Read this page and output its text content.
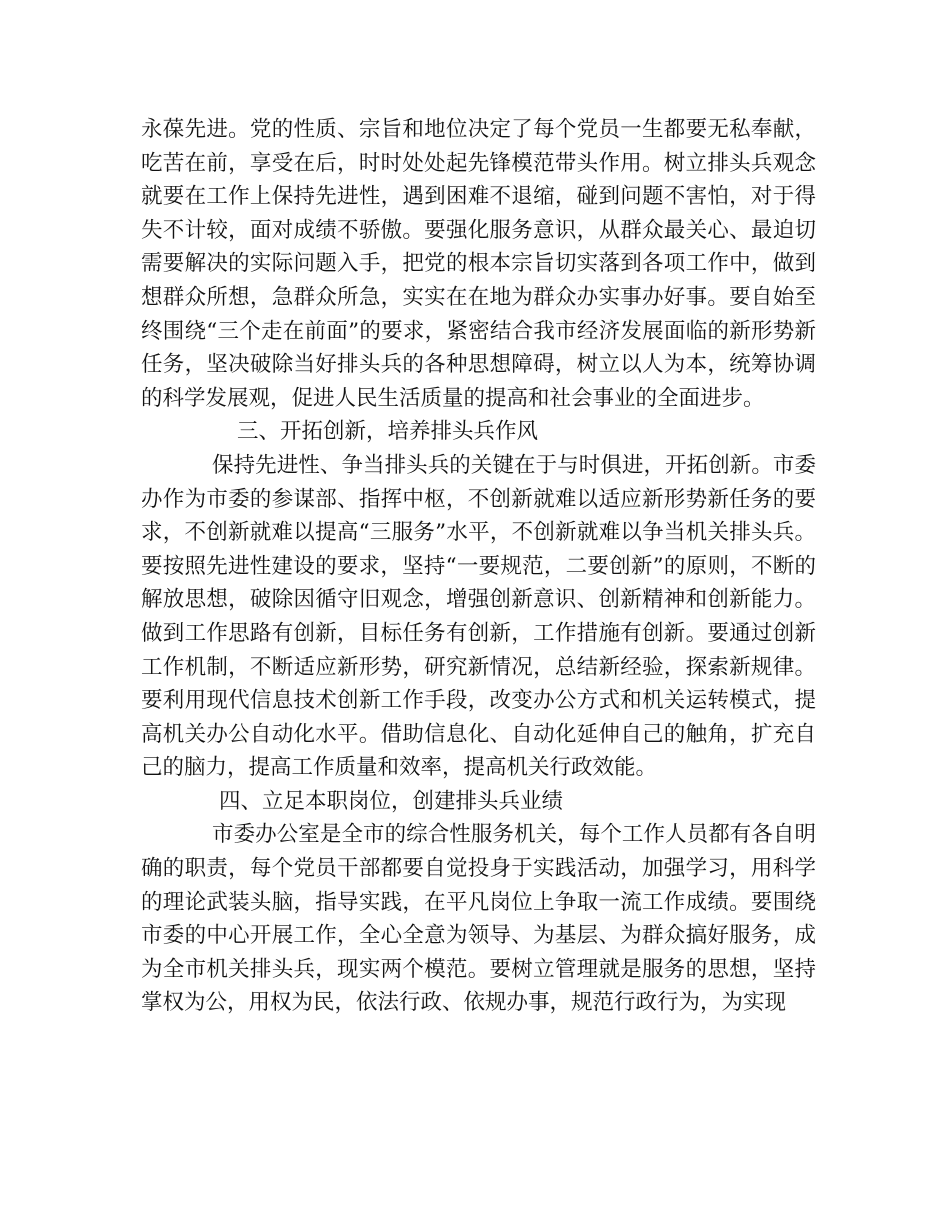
永葆先进。党的性质、宗旨和地位决定了每个党员一生都要无私奉献，吃苦在前，享受在后，时时处处起先锋模范带头作用。树立排头兵观念就要在工作上保持先进性，遇到困难不退缩，碰到问题不害怕，对于得失不计较，面对成绩不骄傲。要强化服务意识，从群众最关心、最迫切需要解决的实际问题入手，把党的根本宗旨切实落到各项工作中，做到想群众所想，急群众所急，实实在在地为群众办实事办好事。要自始至终围绕“三个走在前面”的要求，紧密结合我市经济发展面临的新形势新任务，坚决破除当好排头兵的各种思想障碍，树立以人为本，统筹协调的科学发展观，促进人民生活质量的提高和社会事业的全面进步。

三、开拓创新，培养排头兵作风

保持先进性、争当排头兵的关键在于与时俱进，开拓创新。市委办作为市委的参谋部、指挥中枢，不创新就难以适应新形势新任务的要求，不创新就难以提高“三服务”水平，不创新就难以争当机关排头兵。要按照先进性建设的要求，坚持“一要规范，二要创新”的原则，不断的解放思想，破除因循守旧观念，增强创新意识、创新精神和创新能力。做到工作思路有创新，目标任务有创新，工作措施有创新。要通过创新工作机制，不断适应新形势，研究新情况，总结新经验，探索新规律。要利用现代信息技术创新工作手段，改变办公方式和机关运转模式，提高机关办公自动化水平。借助信息化、自动化延伸自己的触角，扩充自己的脑力，提高工作质量和效率，提高机关行政效能。

四、立足本职岗位，创建排头兵业绩

市委办公室是全市的综合性服务机关，每个工作人员都有各自明确的职责，每个党员干部都要自觉投身于实践活动，加强学习，用科学的理论武装头脑，指导实践，在平凡岗位上争取一流工作成绩。要围绕市委的中心开展工作，全心全意为领导、为基层、为群众搞好服务，成为全市机关排头兵，现实两个模范。要树立管理就是服务的思想，坚持掌权为公，用权为民，依法行政、依规办事，规范行政行为，为实现
